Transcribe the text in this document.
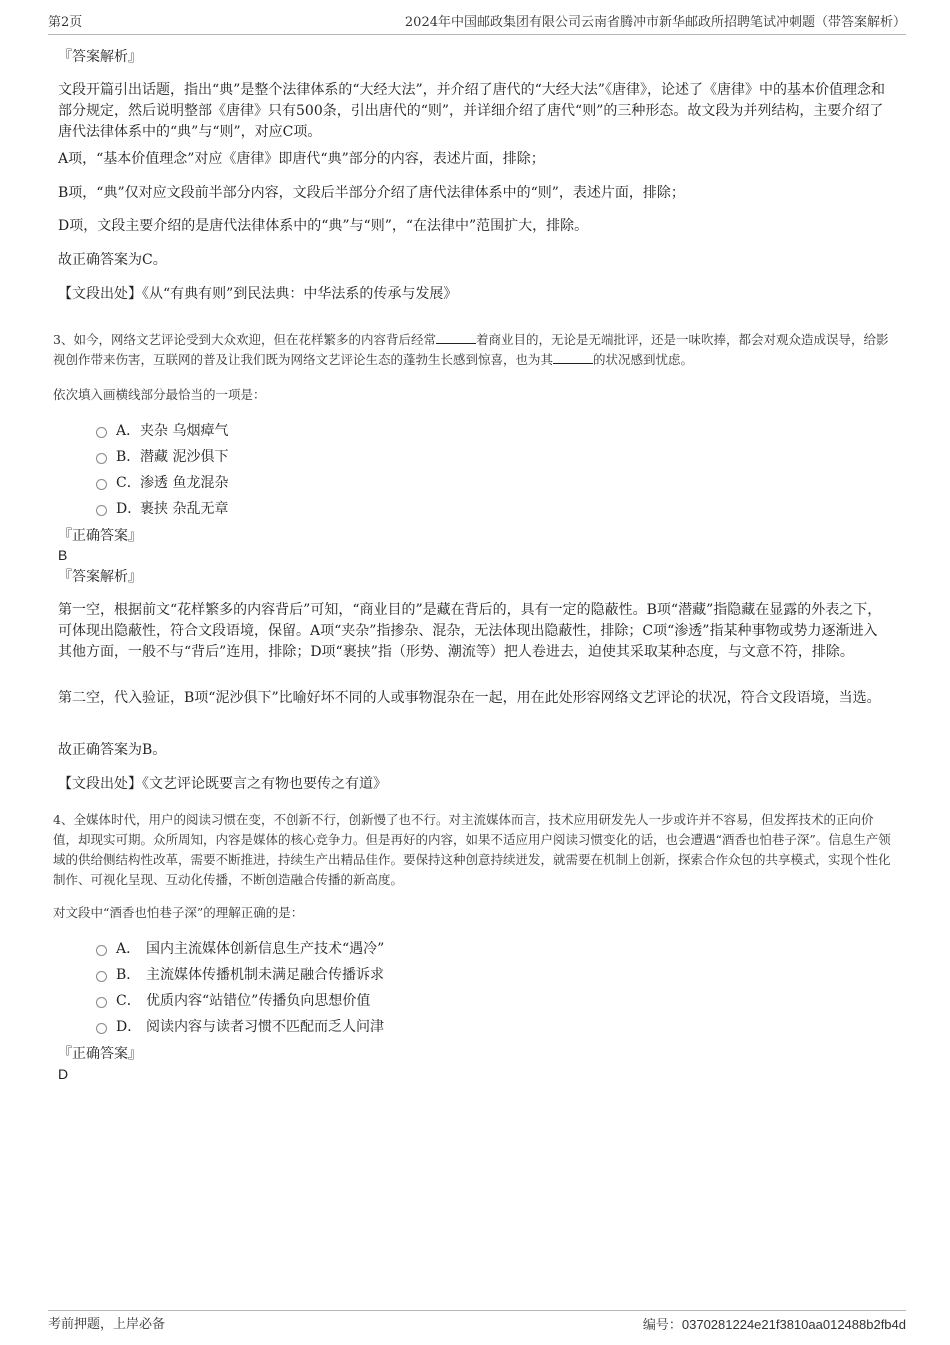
第2页	2024年中国邮政集团有限公司云南省腾冲市新华邮政所招聘笔试冲刺题（带答案解析）
『答案解析』

文段开篇引出话题，指出“典”是整个法律体系的“大经大法”，并介绍了唐代的“大经大法”《唐律》，论述了《唐律》中的基本价值理念和部分规定，然后说明整部《唐律》只有500条，引出唐代的“则”，并详细介绍了唐代“则”的三种形态。故文段为并列结构，主要介绍了唐代法律体系中的“典”与“则”，对应C项。

A项，“基本价值理念”对应《唐律》即唐代“典”部分的内容，表述片面，排除；

B项，“典”仅对应文段前半部分内容，文段后半部分介绍了唐代法律体系中的“则”，表述片面，排除；

D项，文段主要介绍的是唐代法律体系中的“典”与“则”，“在法律中”范围扩大，排除。

故正确答案为C。

【文段出处】《从“有典有则”到民法典：中华法系的传承与发展》

3、如今，网络文艺评论受到大众欢迎，但在花样繁多的内容背后经常	着商业目的，无论是无端批评，还是一味吹捧，都会对观众造成误导，给影视创作带来伤害，互联网的普及让我们既为网络文艺评论生态的蓬勃生长感到惊喜，也为其	的状况感到忧虑。

依次填入画横线部分最恰当的一项是：

A． 夹杂 乌烟瘴气
B． 潜藏 泥沙俱下
C． 渗透 鱼龙混杂
D．
裹挟 杂乱无章
『正确答案』
B
『答案解析』

第一空，根据前文“花样繁多的内容背后”可知，“商业目的”是藏在背后的，具有一定的隐蔽性。B项“潜藏”指隐藏在显露的外表之下，可体现出隐蔽性，符合文段语境，保留。A项“夹杂”指掺杂、混杂，无法体现出隐蔽性，排除；C项“渗透”指某种事物或势力逐渐进入其他方面，一般不与“背后”连用，排除；D项“裹挟”指（形势、潮流等）把人卷进去，迫使其采取某种态度，与文意不符，排除。

第二空，代入验证，B项“泥沙俱下”比喻好坏不同的人或事物混杂在一起，用在此处形容网络文艺评论的状况，符合文段语境，当选。

故正确答案为B。

【文段出处】《文艺评论既要言之有物也要传之有道》

4、全媒体时代，用户的阅读习惯在变，不创新不行，创新慢了也不行。对主流媒体而言，技术应用研发先人一步或许并不容易，但发挥技术的正向价值，却现实可期。众所周知，内容是媒体的核心竞争力。但是再好的内容，如果不适应用户阅读习惯变化的话，也会遭遇“酒香也怕巷子深”。信息生产领域的供给侧结构性改革，需要不断推进，持续生产出精品佳作。要保持这种创意持续迸发，就需要在机制上创新，探索合作众包的共享模式，实现个性化制作、可视化呈现、互动化传播，不断创造融合传播的新高度。

对文段中“酒香也怕巷子深”的理解正确的是：

A． 国内主流媒体创新信息生产技术“遇冷”
B． 主流媒体传播机制未满足融合传播诉求
C． 优质内容“站错位”传播负向思想价值
D． 阅读内容与读者习惯不匹配而乏人问津
『正确答案』
D
考前押题，上岸必备	编号：0370281224e21f3810aa012488b2fb4d
